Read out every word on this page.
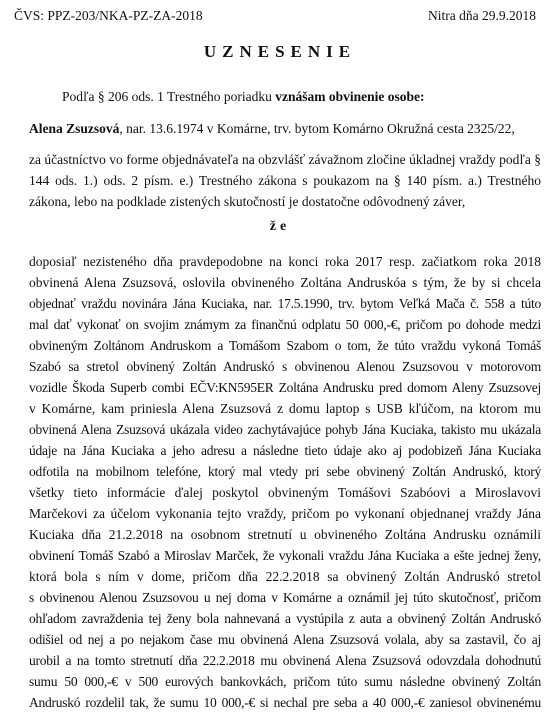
ČVS: PPZ-203/NKA-PZ-ZA-2018	Nitra dňa 29.9.2018
UZNESENIE
Podľa § 206 ods. 1 Trestného poriadku vznášam obvinenie osobe:
Alena Zsuzsová, nar. 13.6.1974 v Komárne, trv. bytom Komárno Okružná cesta 2325/22,
za účastníctvo vo forme objednávateľa na obzvlášť závažnom zločine úkladnej vraždy podľa § 144 ods. 1.) ods. 2 písm. e.) Trestného zákona s poukazom na § 140 písm. a.) Trestného zákona, lebo na podklade zistených skutočností je dostatočne odôvodnený záver,
že
doposiaľ nezisteného dňa pravdepodobne na konci roka 2017 resp. začiatkom roka 2018
obvinená Alena Zsuzsová, oslovila obvineného Zoltána Andruskóa s tým, že by si chcela
objednať vraždu novinára Jána Kuciaka, nar. 17.5.1990, trv. bytom Veľká Mača č. 558 a túto
mal dať vykonať on svojim známym za finančnú odplatu 50 000,-€, pričom po dohode medzi
obvineným Zoltánom Andruskom a Tomášom Szabom o tom, že túto vraždu vykoná Tomáš
Szabó sa stretol obvinený Zoltán Andruskó s obvinenou Alenou Zsuzsovou v motorovom
vozidle Škoda Superb combi EČV:KN595ER Zoltána Andrusku pred domom Aleny Zsuzsovej
v Komárne, kam priniesla Alena Zsuzsová z domu laptop s USB kľúčom, na ktorom mu
obvinená Alena Zsuzsová ukázala video zachytávajúce pohyb Jána Kuciaka, takisto mu ukázala
údaje na Jána Kuciaka a jeho adresu a následne tieto údaje ako aj podobizeň Jána Kuciaka
odfotila na mobilnom telefóne, ktorý mal vtedy pri sebe obvinený Zoltán Andruskó, ktorý
všetky tieto informácie ďalej poskytol obvineným Tomášovi Szabóovi a Miroslavovi
Marčekovi za účelom vykonania tejto vraždy, pričom po vykonaní objednanej vraždy Jána
Kuciaka dňa 21.2.2018 na osobnom stretnutí u obvineného Zoltána Andrusku oznámili
obvinení Tomáš Szabó a Miroslav Marček, že vykonali vraždu Jána Kuciaka a ešte jednej ženy,
ktorá bola s ním v dome, pričom dňa 22.2.2018 sa obvinený Zoltán Andruskó stretol
s obvinenou Alenou Zsuzsovou u nej doma v Komárne a oznámil jej túto skutočnosť, pričom
ohľadom zavraždenia tej ženy bola nahnevaná a vystúpila z auta a obvinený Zoltán Andruskó
odišiel od nej a po nejakom čase mu obvinená Alena Zsuzsová volala, aby sa zastavil, čo aj
urobil a na tomto stretnutí dňa 22.2.2018 mu obvinená Alena Zsuzsová odovzdala dohodnutú
sumu 50 000,-€ v 500 eurových bankovkách, pričom túto sumu následne obvinený Zoltán
Andruskó rozdelil tak, že sumu 10 000,-€ si nechal pre seba a 40 000,-€ zaniesol obvinenému
